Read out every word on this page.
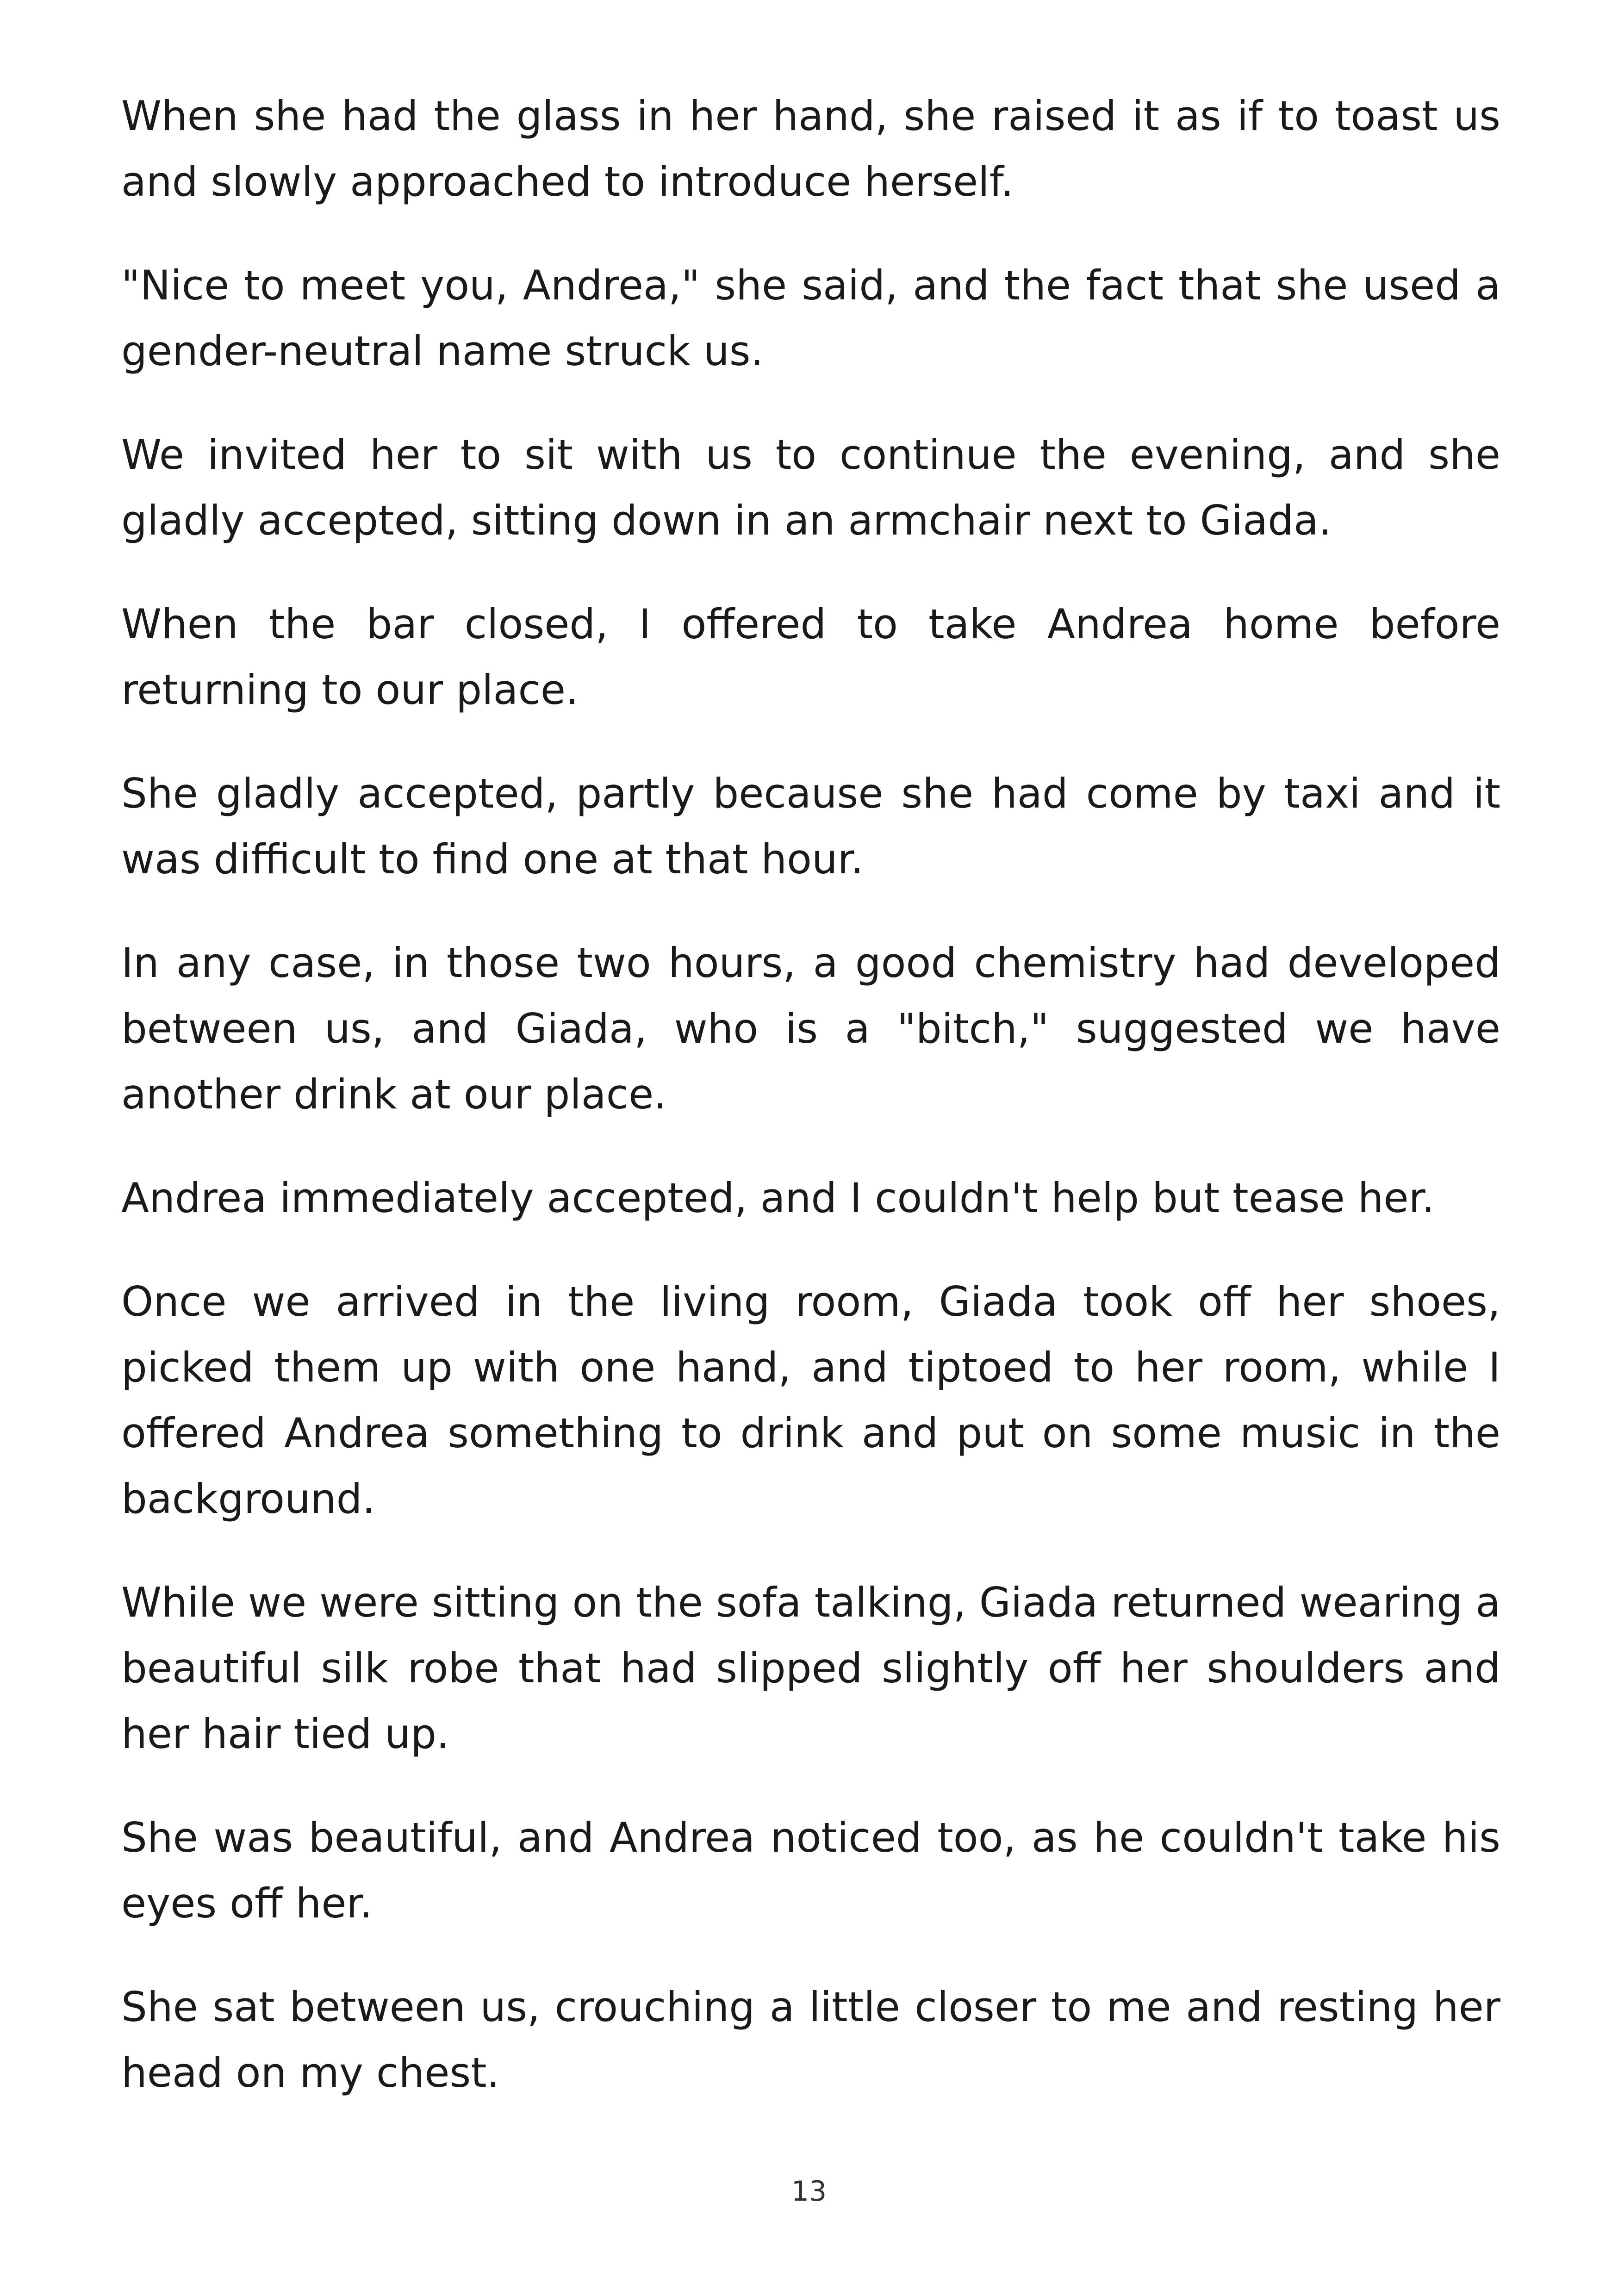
When she had the glass in her hand, she raised it as if to toast us and slowly approached to introduce herself.

"Nice to meet you, Andrea," she said, and the fact that she used a gender-neutral name struck us.

We invited her to sit with us to continue the evening, and she gladly accepted, sitting down in an armchair next to Giada.

When the bar closed, I offered to take Andrea home before returning to our place.

She gladly accepted, partly because she had come by taxi and it was difficult to find one at that hour.

In any case, in those two hours, a good chemistry had developed between us, and Giada, who is a "bitch," suggested we have another drink at our place.

Andrea immediately accepted, and I couldn't help but tease her.

Once we arrived in the living room, Giada took off her shoes, picked them up with one hand, and tiptoed to her room, while I offered Andrea something to drink and put on some music in the background.

While we were sitting on the sofa talking, Giada returned wearing a beautiful silk robe that had slipped slightly off her shoulders and her hair tied up.

She was beautiful, and Andrea noticed too, as he couldn't take his eyes off her.

She sat between us, crouching a little closer to me and resting her head on my chest.

13
